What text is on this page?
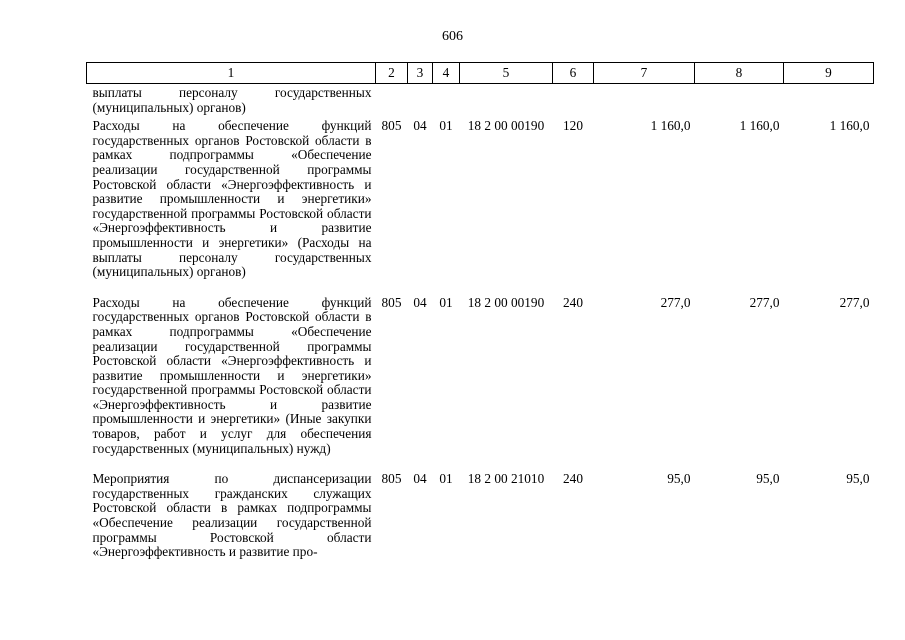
606
1	2	3	4	5	6	7	8	9
выплаты персоналу государственных (муниципальных) органов)								
Расходы на обеспечение функций государственных органов Ростовской области в рамках подпрограммы «Обеспечение реализации государственной программы Ростовской области «Энергоэффективность и развитие промышленности и энергетики» государственной программы Ростовской области «Энергоэффективность и развитие промышленности и энергетики» (Расходы на выплаты персоналу государственных (муниципальных) органов)	805	04	01	18 2 00 00190	120	1 160,0	1 160,0	1 160,0
Расходы на обеспечение функций государственных органов Ростовской области в рамках подпрограммы «Обеспечение реализации государственной программы Ростовской области «Энергоэффективность и развитие промышленности и энергетики» государственной программы Ростовской области «Энергоэффективность и развитие промышленности и энергетики» (Иные закупки товаров, работ и услуг для обеспечения государственных (муниципальных) нужд)	805	04	01	18 2 00 00190	240	277,0	277,0	277,0
Мероприятия по диспансеризации государственных гражданских служащих Ростовской области в рамках подпрограммы «Обеспечение реализации государственной программы Ростовской области «Энергоэффективность и развитие про-	805	04	01	18 2 00 21010	240	95,0	95,0	95,0
